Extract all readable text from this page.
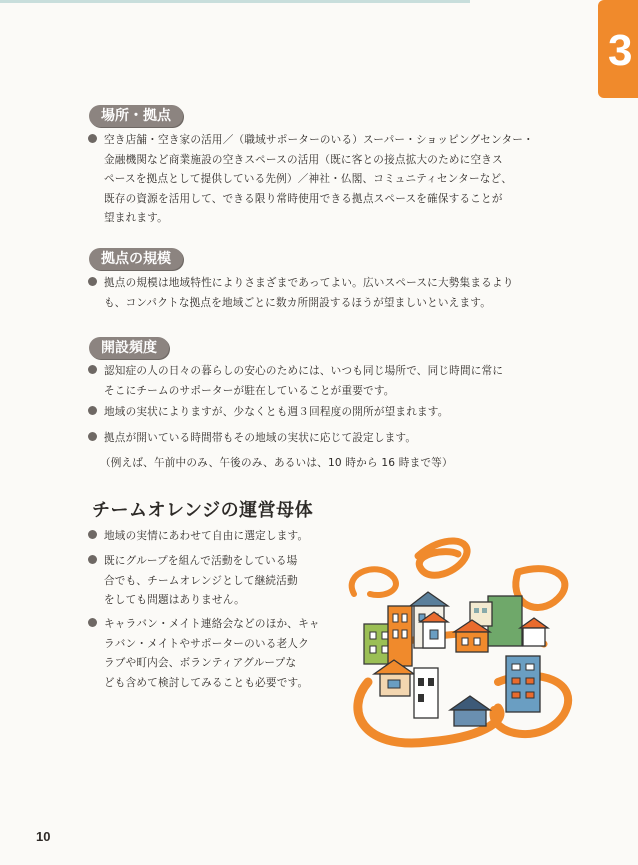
3
場所・拠点
空き店舗・空き家の活用／（職域サポーターのいる）スーパー・ショッピングセンター・
金融機関など商業施設の空きスペースの活用（既に客との接点拡大のために空きス
ペースを拠点として提供している先例）／神社・仏閣、コミュニティセンターなど、
既存の資源を活用して、できる限り常時使用できる拠点スペースを確保することが
望まれます。
拠点の規模
拠点の規模は地域特性によりさまざまであってよい。広いスペースに大勢集まるより
も、コンパクトな拠点を地域ごとに数カ所開設するほうが望ましいといえます。
開設頻度
認知症の人の日々の暮らしの安心のためには、いつも同じ場所で、同じ時間に常に
そこにチームのサポーターが駐在していることが重要です。
地域の実状によりますが、少なくとも週３回程度の開所が望まれます。
拠点が開いている時間帯もその地域の実状に応じて設定します。
（例えば、午前中のみ、午後のみ、あるいは、10 時から 16 時まで等）
チームオレンジの運営母体
地域の実情にあわせて自由に選定します。
既にグループを組んで活動をしている場
合でも、チームオレンジとして継続活動
をしても問題はありません。
キャラバン・メイト連絡会などのほか、キャ
ラバン・メイトやサポーターのいる老人ク
ラブや町内会、ボランティアグループな
ども含めて検討してみることも必要です。
10
